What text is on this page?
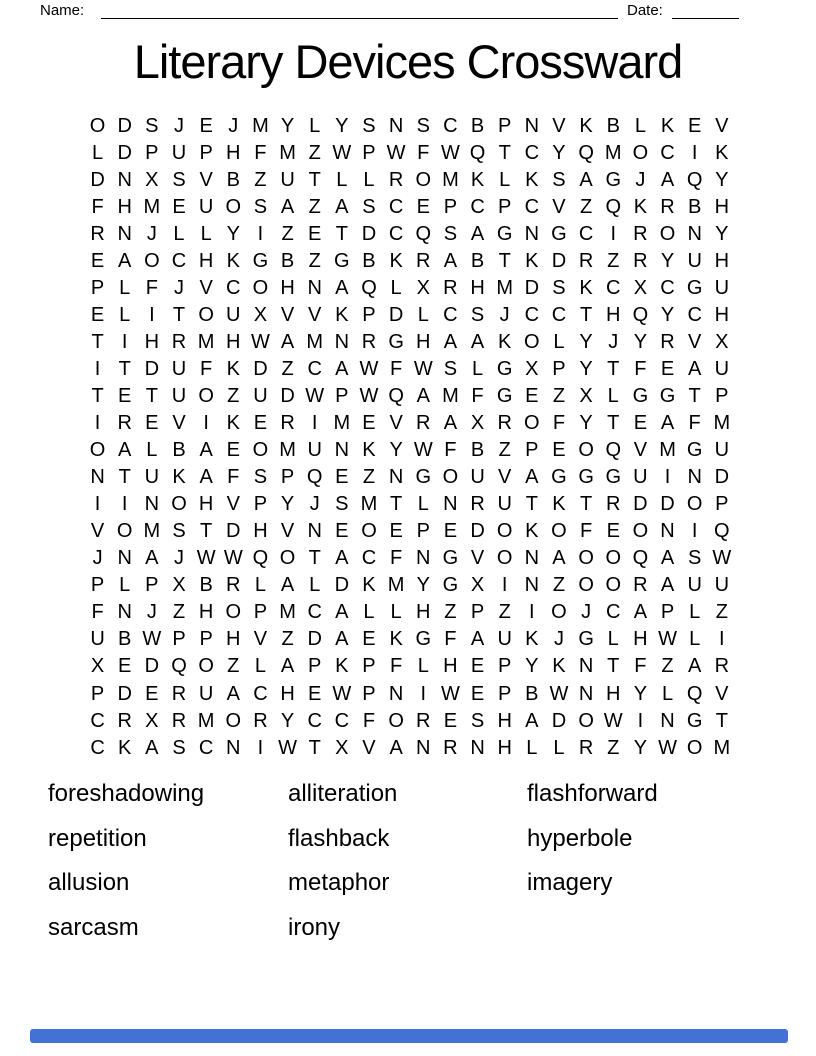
Name:	Date:
Literary Devices Crossward
O D S J E J M Y L Y S N S C B P N V K B L K E V
L D P U P H F M Z W P W F W Q T C Y Q M O C I K
D N X S V B Z U T L L R O M K L K S A G J A Q Y
F H M E U O S A Z A S C E P C P C V Z Q K R B H
R N J L L Y I Z E T D C Q S A G N G C I R O N Y
E A O C H K G B Z G B K R A B T K D R Z R Y U H
P L F J V C O H N A Q L X R H M D S K C X C G U
E L I T O U X V V K P D L C S J C C T H Q Y C H
T I H R M H W A M N R G H A A K O L Y J Y R V X
I T D U F K D Z C A W F W S L G X P Y T F E A U
T E T U O Z U D W P W Q A M F G E Z X L G G T P
I R E V I K E R I M E V R A X R O F Y T E A F M
O A L B A E O M U N K Y W F B Z P E O Q V M G U
N T U K A F S P Q E Z N G O U V A G G G U I N D
I	I N O H V P Y J S M T L N R U T K T R D D O P
V O M S T D H V N E O E P E D O K O F E O N I Q
J N A J W W Q O T A C F N G V O N A O O Q A S W
P L P X B R L A L D K M Y G X I N Z O O R A U U
F N J Z H O P M C A L L H Z P Z I O J C A P L Z
U B W P P H V Z D A E K G F A U K J G L H W L I
X E D Q O Z L A P K P F L H E P Y K N T F Z A R
P D E R U A C H E W P N I W E P B W N H Y L Q V
C R X R M O R Y C C F O R E S H A D O W I N G T
C K A S C N I W T X V A N R N H L L R Z Y W O M
foreshadowing
repetition
allusion
sarcasm
alliteration
flashback
metaphor
irony
flashforward
hyperbole
imagery
